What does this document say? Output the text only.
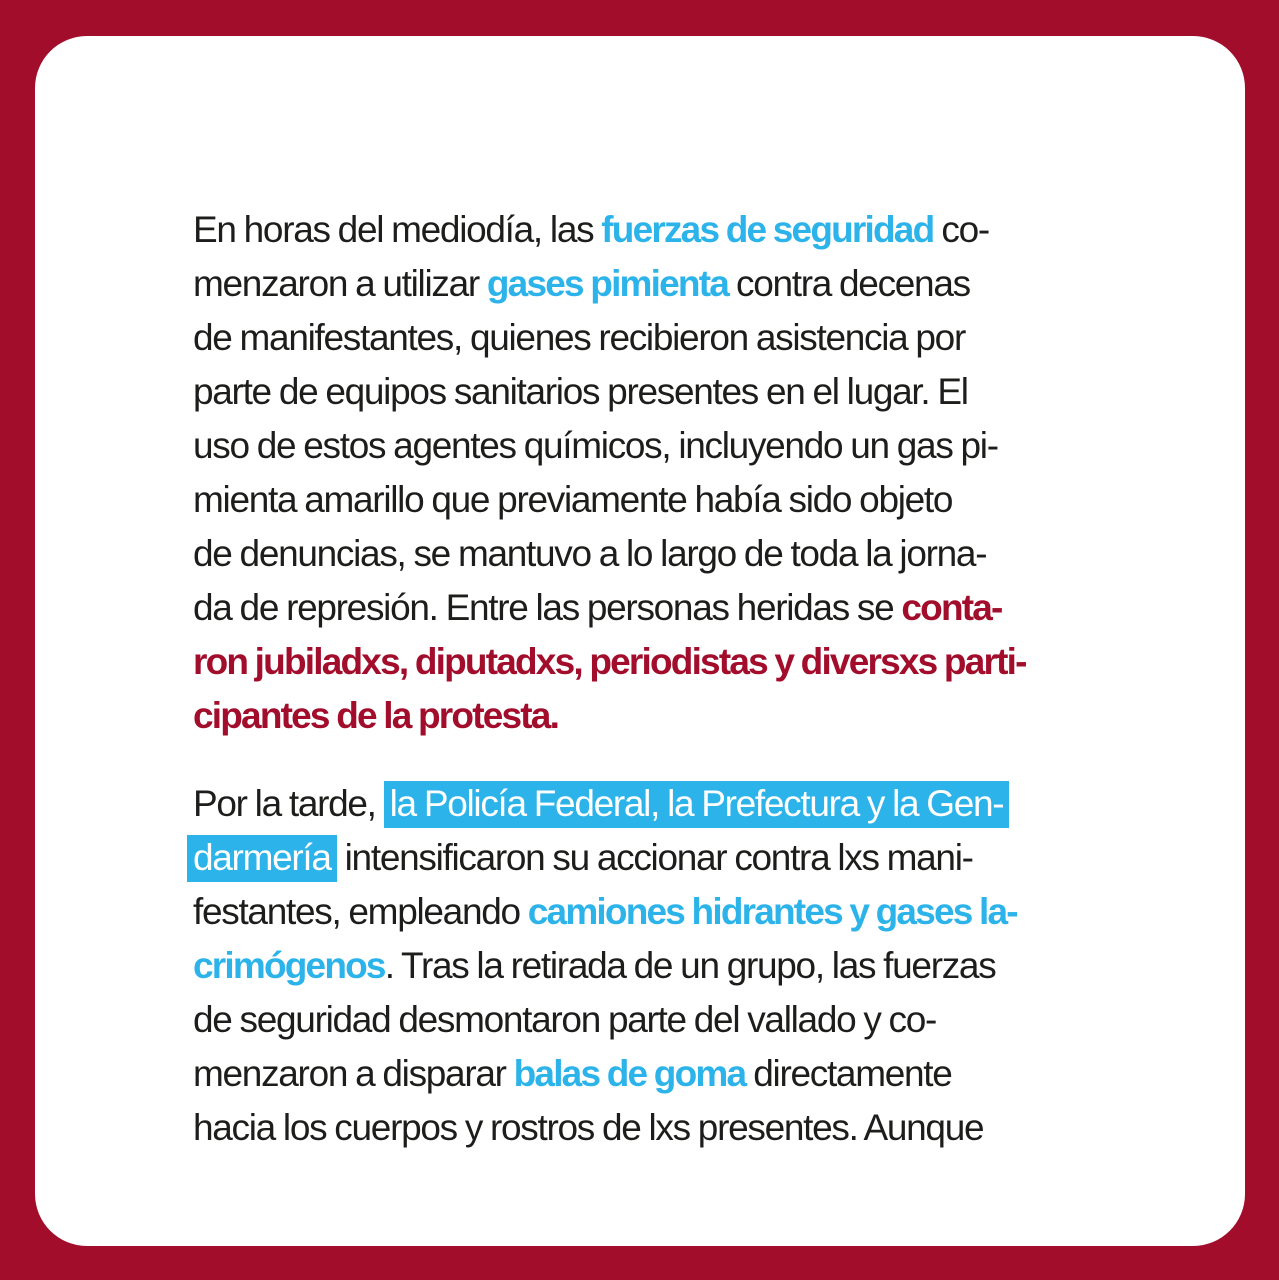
En horas del mediodía, las fuerzas de seguridad co-
menzaron a utilizar gases pimienta contra decenas
de manifestantes, quienes recibieron asistencia por
parte de equipos sanitarios presentes en el lugar. El
uso de estos agentes químicos, incluyendo un gas pi-
mienta amarillo que previamente había sido objeto
de denuncias, se mantuvo a lo largo de toda la jorna-
da de represión. Entre las personas heridas se conta-
ron jubiladxs, diputadxs, periodistas y diversxs parti-
cipantes de la protesta.
Por la tarde, la Policía Federal, la Prefectura y la Gen-
darmería intensificaron su accionar contra lxs mani-
festantes, empleando camiones hidrantes y gases la-
crimógenos. Tras la retirada de un grupo, las fuerzas
de seguridad desmontaron parte del vallado y co-
menzaron a disparar balas de goma directamente
hacia los cuerpos y rostros de lxs presentes. Aunque
